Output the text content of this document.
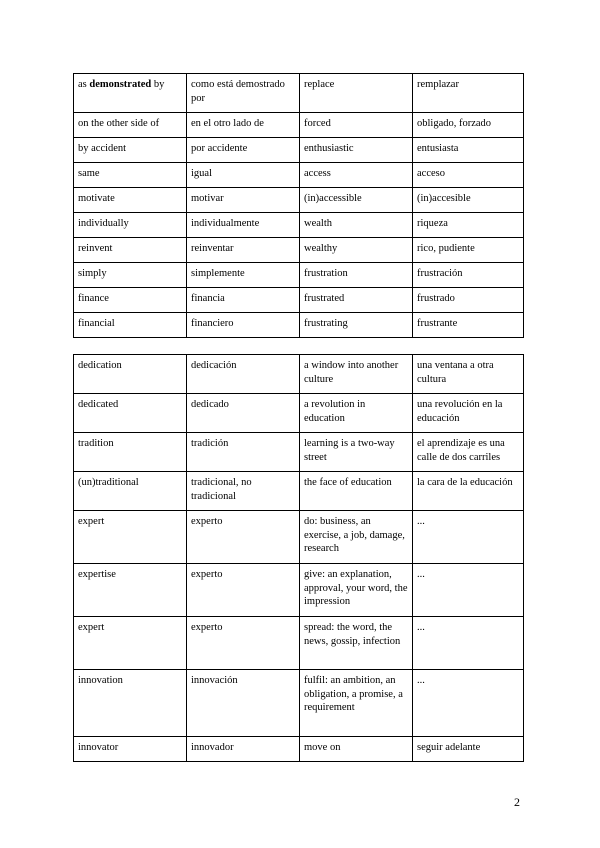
as demonstrated by	como está demostrado por	replace	remplazar
on the other side of	en el otro lado de	forced	obligado, forzado
by accident	por accidente	enthusiastic	entusiasta
same	igual	access	acceso
motivate	motivar	(in)accessible	(in)accesible
individually	individualmente	wealth	riqueza
reinvent	reinventar	wealthy	rico, pudiente
simply	simplemente	frustration	frustración
finance	financia	frustrated	frustrado
financial	financiero	frustrating	frustrante
dedication	dedicación	a window into another culture	una ventana a otra cultura
dedicated	dedicado	a revolution in education	una revolución en la educación
tradition	tradición	learning is a two-way street	el aprendizaje es una calle de dos carriles
(un)traditional	tradicional, no tradicional	the face of education	la cara de la educación
expert	experto	do: business, an exercise, a job, damage, research	...
expertise	experto	give: an explanation, approval, your word, the impression	...
expert	experto	spread: the word, the news, gossip, infection	...
innovation	innovación	fulfil: an ambition, an obligation, a promise, a requirement	...
innovator	innovador	move on	seguir adelante
2
